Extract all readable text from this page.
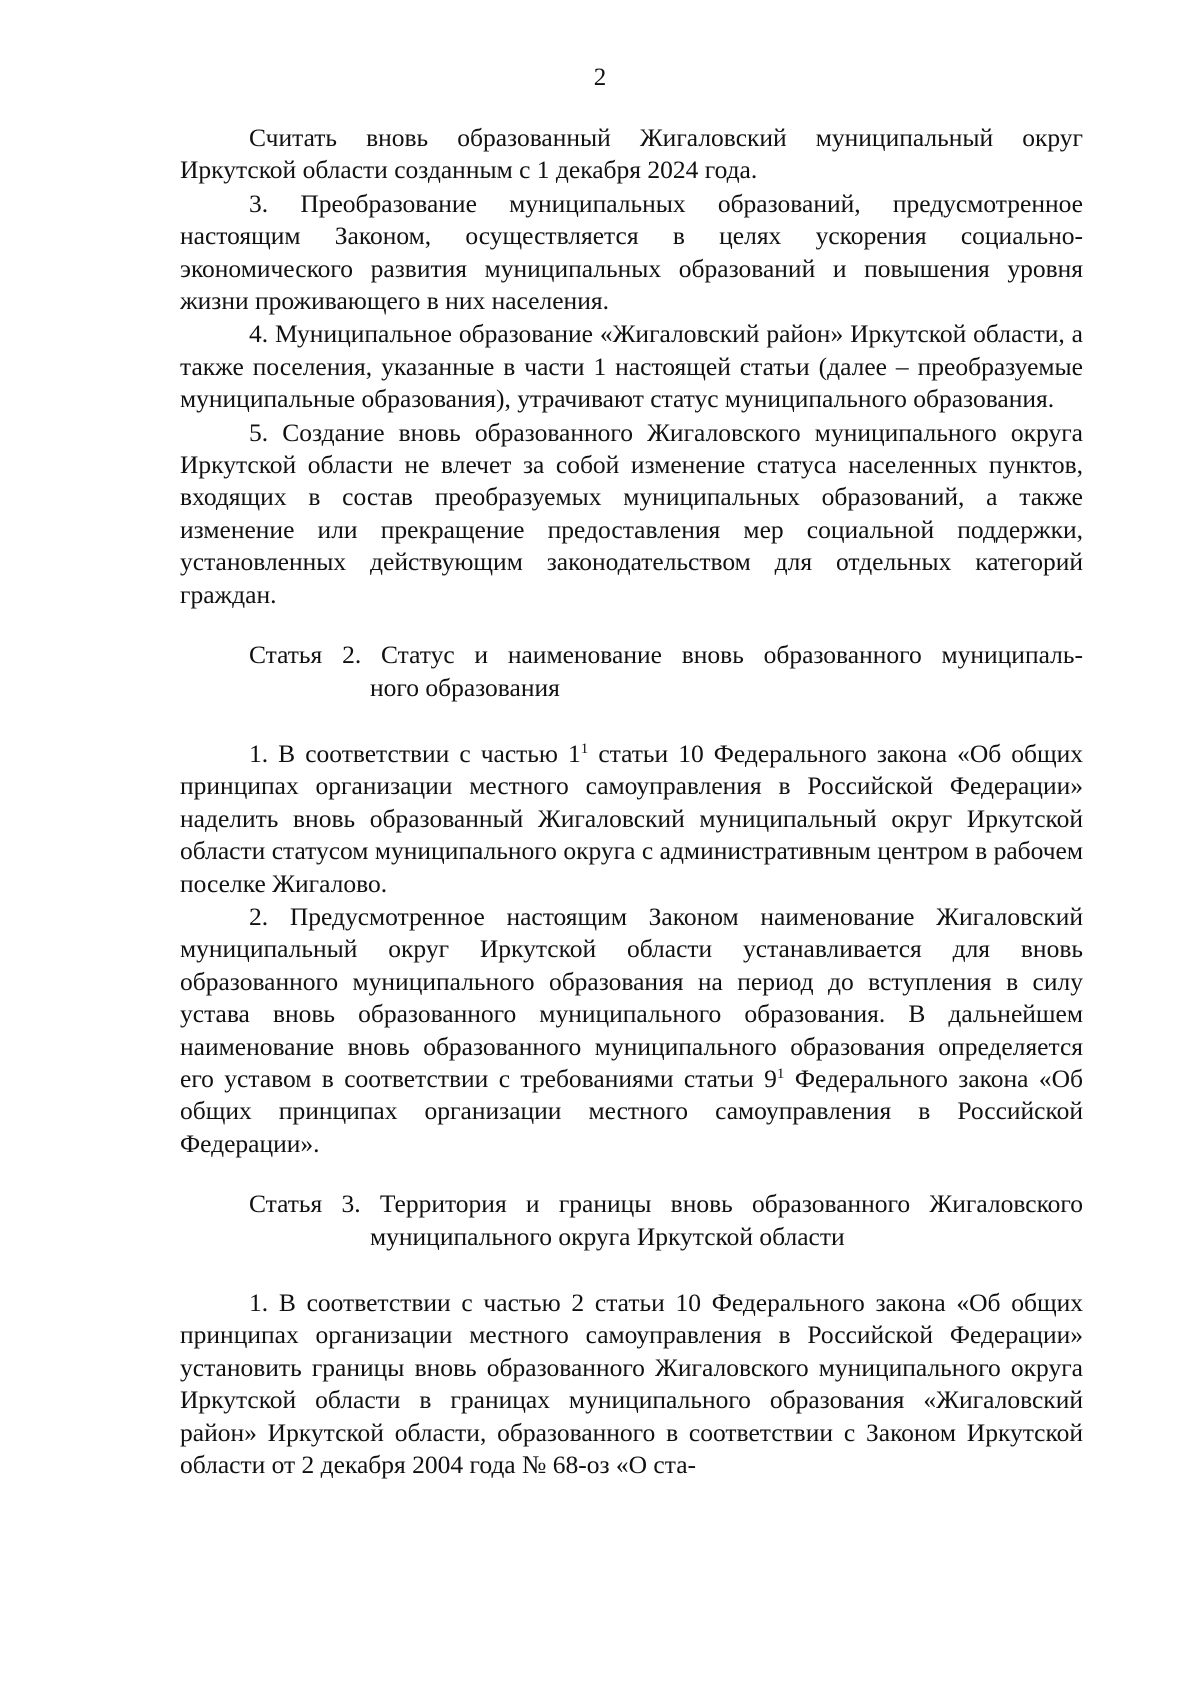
2

Считать вновь образованный Жигаловский муниципальный округ Иркутской области созданным с 1 декабря 2024 года.

3. Преобразование муниципальных образований, предусмотренное настоящим Законом, осуществляется в целях ускорения социально-экономического развития муниципальных образований и повышения уровня жизни проживающего в них населения.

4. Муниципальное образование «Жигаловский район» Иркутской области, а также поселения, указанные в части 1 настоящей статьи (далее – преобразуемые муниципальные образования), утрачивают статус муниципального образования.

5. Создание вновь образованного Жигаловского муниципального округа Иркутской области не влечет за собой изменение статуса населенных пунктов, входящих в состав преобразуемых муниципальных образований, а также изменение или прекращение предоставления мер социальной поддержки, установленных действующим законодательством для отдельных категорий граждан.

Статья 2. Статус и наименование вновь образованного муниципаль-
ного образования

1. В соответствии с частью $1^1$ статьи 10 Федерального закона «Об общих принципах организации местного самоуправления в Российской Федерации» наделить вновь образованный Жигаловский муниципальный округ Иркутской области статусом муниципального округа с административным центром в рабочем поселке Жигалово.

2. Предусмотренное настоящим Законом наименование Жигаловский муниципальный округ Иркутской области устанавливается для вновь образованного муниципального образования на период до вступления в силу устава вновь образованного муниципального образования. В дальнейшем наименование вновь образованного муниципального образования определяется его уставом в соответствии с требованиями статьи $9^1$ Федерального закона «Об общих принципах организации местного самоуправления в Российской Федерации».

Статья 3. Территория и границы вновь образованного Жигаловского
муниципального округа Иркутской области

1. В соответствии с частью 2 статьи 10 Федерального закона «Об общих принципах организации местного самоуправления в Российской Федерации» установить границы вновь образованного Жигаловского муниципального округа Иркутской области в границах муниципального образования «Жигаловский район» Иркутской области, образованного в соответствии с Законом Иркутской области от 2 декабря 2004 года № 68-оз «О ста-
